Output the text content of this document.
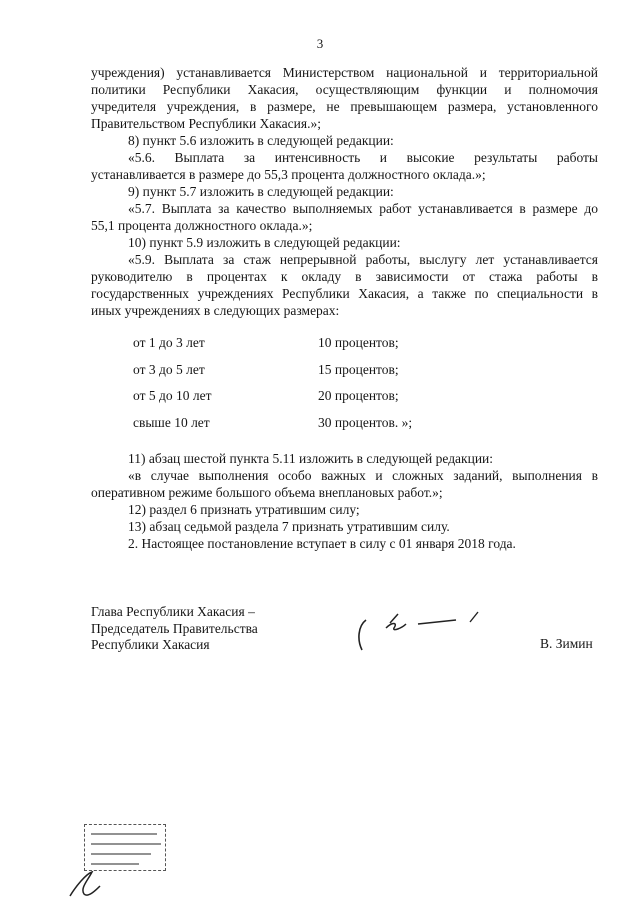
3

учреждения) устанавливается Министерством национальной и территориальной

политики Республики Хакасия, осуществляющим функции и полномочия

учредителя учреждения, в размере, не превышающем размера, установленного

Правительством Республики Хакасия.»;

8) пункт 5.6 изложить в следующей редакции:

«5.6. Выплата за интенсивность и высокие результаты работы

устанавливается в размере до 55,3 процента должностного оклада.»;

9) пункт 5.7 изложить в следующей редакции:

«5.7. Выплата за качество выполняемых работ устанавливается в размере до

55,1 процента должностного оклада.»;

10) пункт 5.9 изложить в следующей редакции:

«5.9. Выплата за стаж непрерывной работы, выслугу лет устанавливается

руководителю в процентах к окладу в зависимости от стажа работы в

государственных учреждениях Республики Хакасия, а также по специальности в

иных учреждениях в следующих размерах:

от 1 до 3 лет	10 процентов;
от 3 до 5 лет	15 процентов;
от 5 до 10 лет	20 процентов;
свыше 10 лет	30 процентов. »;

11) абзац шестой пункта 5.11 изложить в следующей редакции:

«в случае выполнения особо важных и сложных заданий, выполнения в

оперативном режиме большого объема внеплановых работ.»;

12) раздел 6 признать утратившим силу;

13) абзац седьмой раздела 7 признать утратившим силу.

2. Настоящее постановление вступает в силу с 01 января 2018 года.

Глава Республики Хакасия –
Председатель Правительства
Республики Хакасия	В. Зимин
